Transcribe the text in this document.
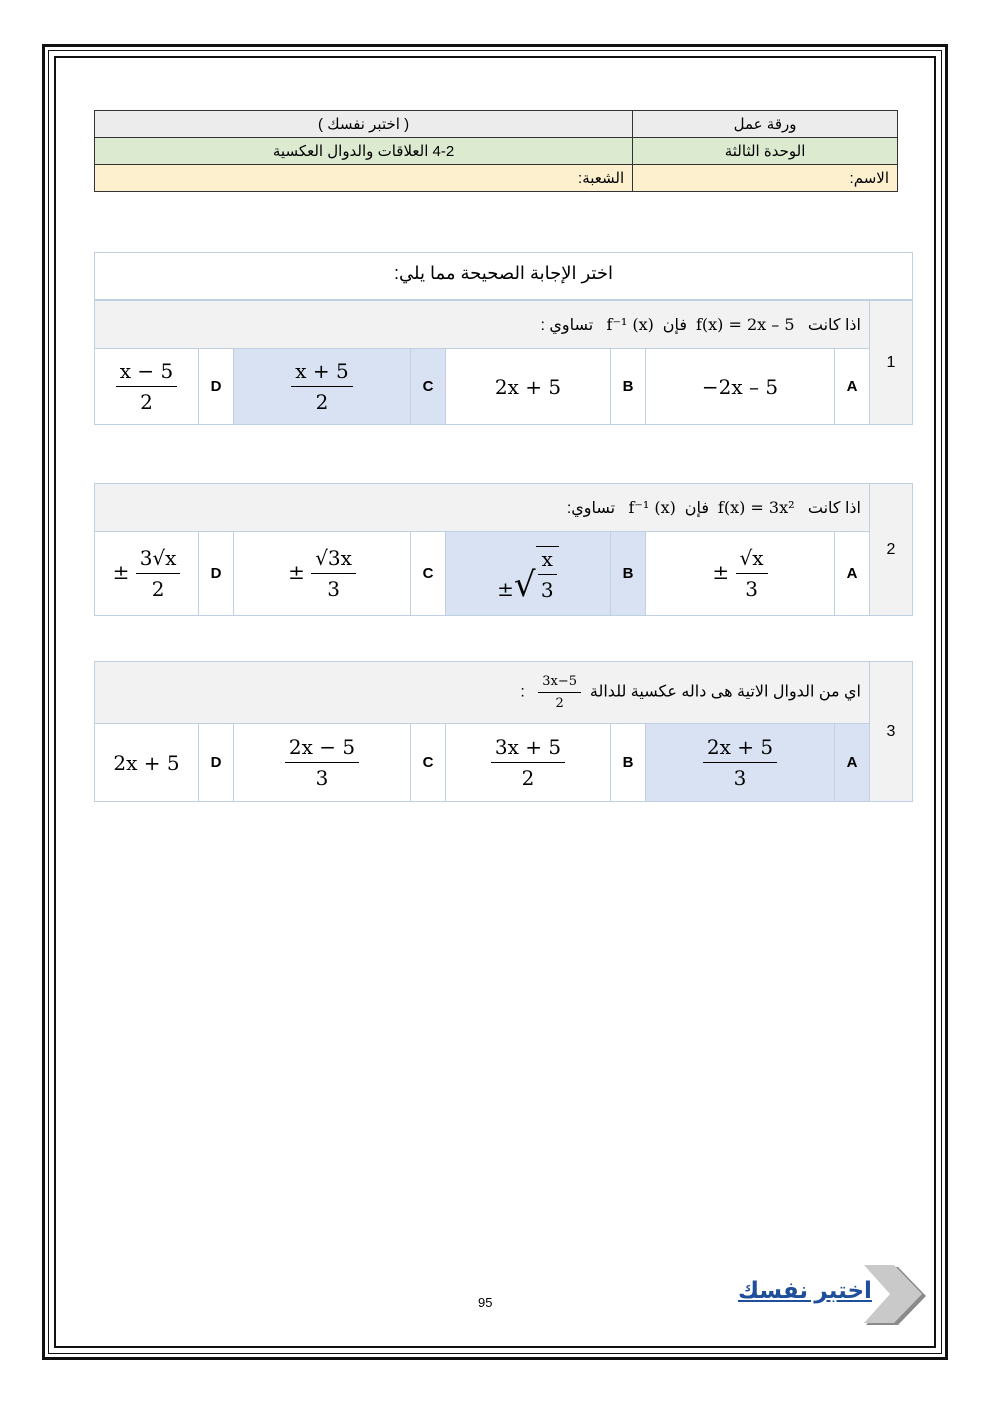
ورقة عمل	( اختبر نفسك )
الوحدة الثالثة	4-2 العلاقات والدوال العكسية
الاسم:	الشعبة:
اختر الإجابة الصحيحة مما يلي:
1	اذا كانت   f(x) = 2x – 5  فإن  f⁻¹ (x)   تساوي :							
	A	−2x – 5	B	2x + 5	C	$\frac{x + 5}{2}$	D	$\frac{x - 5}{2}$
2	اذا كانت   f(x) = 3x²  فإن  f⁻¹ (x)   تساوي:							
	A	± $\frac{√x}{3}$	B	± √ $\frac{x}{3}$	C	± $\frac{√3x}{3}$	D	± $\frac{3√x}{2}$
3	اي من الدوال الاتية هى داله عكسية للدالة
$\frac{3x-5}{2}$
:							
	A	$\frac{2x + 5}{3}$	B	$\frac{3x + 5}{2}$	C	$\frac{2x - 5}{3}$	D	2x + 5
95	اختبر نفسك
